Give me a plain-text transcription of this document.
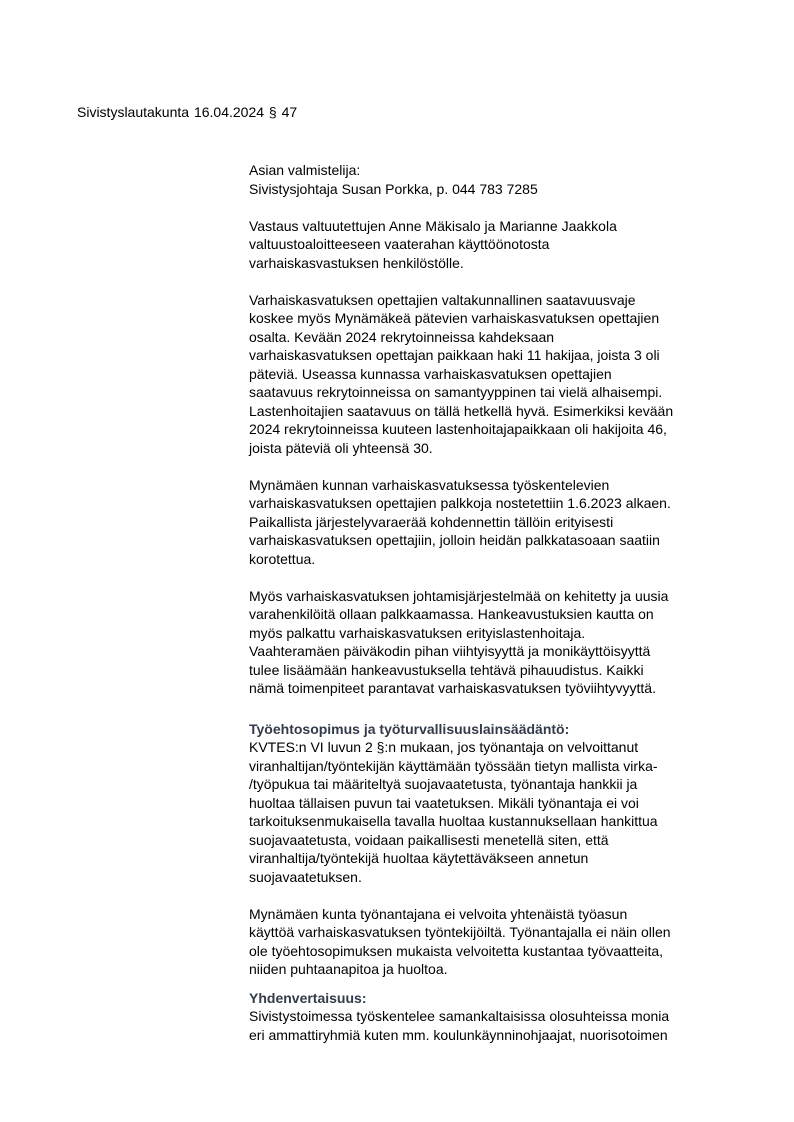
Sivistyslautakunta 16.04.2024 § 47
Asian valmistelija:
Sivistysjohtaja Susan Porkka, p. 044 783 7285
Vastaus valtuutettujen Anne Mäkisalo ja Marianne Jaakkola
valtuustoaloitteeseen vaaterahan käyttöönotosta
varhaiskasvastuksen henkilöstölle.
Varhaiskasvatuksen opettajien valtakunnallinen saatavuusvaje
koskee myös Mynämäkeä pätevien varhaiskasvatuksen opettajien
osalta. Kevään 2024 rekrytoinneissa kahdeksaan
varhaiskasvatuksen opettajan paikkaan haki 11 hakijaa, joista 3 oli
päteviä. Useassa kunnassa varhaiskasvatuksen opettajien
saatavuus rekrytoinneissa on samantyyppinen tai vielä alhaisempi.
Lastenhoitajien saatavuus on tällä hetkellä hyvä. Esimerkiksi kevään
2024 rekrytoinneissa kuuteen lastenhoitajapaikkaan oli hakijoita 46,
joista päteviä oli yhteensä 30.
Mynämäen kunnan varhaiskasvatuksessa työskentelevien
varhaiskasvatuksen opettajien palkkoja nostetettiin 1.6.2023 alkaen.
Paikallista järjestelyvaraerää kohdennettin tällöin erityisesti
varhaiskasvatuksen opettajiin, jolloin heidän palkkatasoaan saatiin
korotettua.
Myös varhaiskasvatuksen johtamisjärjestelmää on kehitetty ja uusia
varahenkilöitä ollaan palkkaamassa. Hankeavustuksien kautta on
myös palkattu varhaiskasvatuksen erityislastenhoitaja.
Vaahteramäen päiväkodin pihan viihtyisyyttä ja monikäyttöisyyttä
tulee lisäämään hankeavustuksella tehtävä pihauudistus. Kaikki
nämä toimenpiteet parantavat varhaiskasvatuksen työviihtyvyyttä.
Työehtosopimus ja työturvallisuuslainsäädäntö:
KVTES:n VI luvun 2 §:n mukaan, jos työnantaja on velvoittanut
viranhaltijan/työntekijän käyttämään työssään tietyn mallista virka-
/työpukua tai määriteltyä suojavaatetusta, työnantaja hankkii ja
huoltaa tällaisen puvun tai vaatetuksen. Mikäli työnantaja ei voi
tarkoituksenmukaisella tavalla huoltaa kustannuksellaan hankittua
suojavaatetusta, voidaan paikallisesti menetellä siten, että
viranhaltija/työntekijä huoltaa käytettäväkseen annetun
suojavaatetuksen.
Mynämäen kunta työnantajana ei velvoita yhtenäistä työasun
käyttöä varhaiskasvatuksen työntekijöiltä. Työnantajalla ei näin ollen
ole työehtosopimuksen mukaista velvoitetta kustantaa työvaatteita,
niiden puhtaanapitoa ja huoltoa.
Yhdenvertaisuus:
Sivistystoimessa työskentelee samankaltaisissa olosuhteissa monia
eri ammattiryhmiä kuten mm. koulunkäynninohjaajat, nuorisotoimen
